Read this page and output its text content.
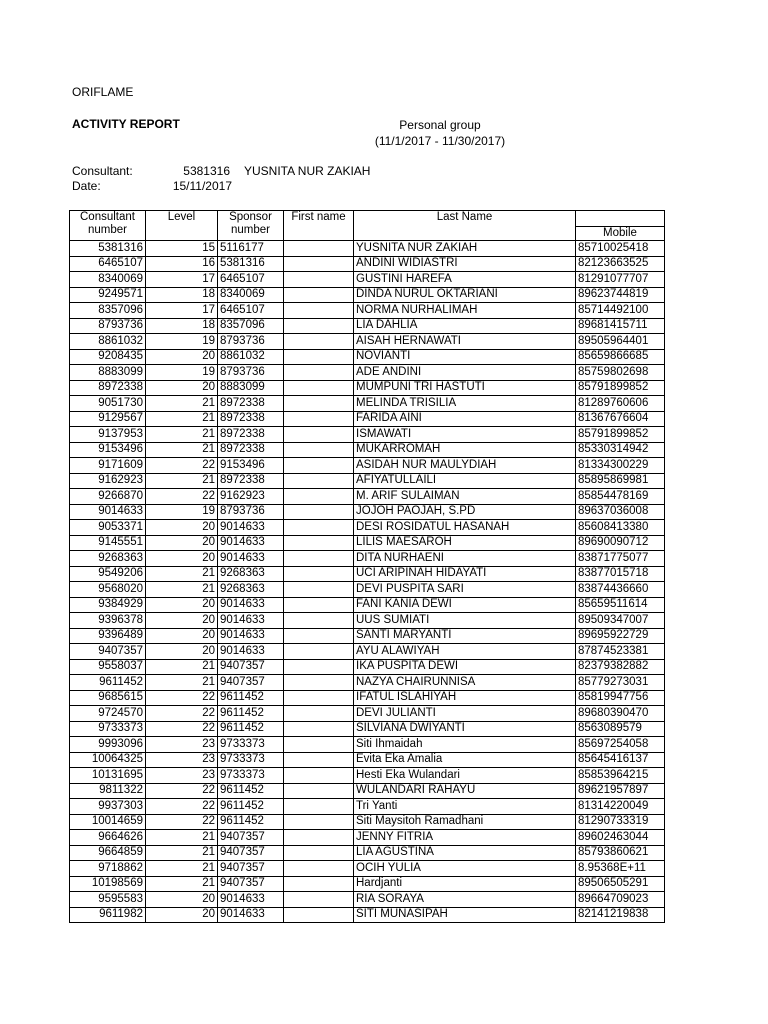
ORIFLAME
ACTIVITY REPORT	Personal group
(11/1/2017 - 11/30/2017)
Consultant:	5381316 YUSNITA NUR ZAKIAH
Date:	15/11/2017
Consultant number	Level	Sponsor number	First name	Last Name	Mobile

5381316	15	5116177		YUSNITA NUR ZAKIAH	85710025418
6465107	16	5381316		ANDINI WIDIASTRI	82123663525
8340069	17	6465107		GUSTINI HAREFA	81291077707
9249571	18	8340069		DINDA NURUL OKTARIANI	89623744819
8357096	17	6465107		NORMA NURHALIMAH	85714492100
8793736	18	8357096		LIA DAHLIA	89681415711
8861032	19	8793736		AISAH HERNAWATI	89505964401
9208435	20	8861032		NOVIANTI	85659866685
8883099	19	8793736		ADE ANDINI	85759802698
8972338	20	8883099		MUMPUNI TRI HASTUTI	85791899852
9051730	21	8972338		MELINDA TRISILIA	81289760606
9129567	21	8972338		FARIDA AINI	81367676604
9137953	21	8972338		ISMAWATI	85791899852
9153496	21	8972338		MUKARROMAH	85330314942
9171609	22	9153496		ASIDAH NUR MAULYDIAH	81334300229
9162923	21	8972338		AFIYATULLAILI	85895869981
9266870	22	9162923		M. ARIF SULAIMAN	85854478169
9014633	19	8793736		JOJOH PAOJAH, S.PD	89637036008
9053371	20	9014633		DESI ROSIDATUL HASANAH	85608413380
9145551	20	9014633		LILIS MAESAROH	89690090712
9268363	20	9014633		DITA NURHAENI	83871775077
9549206	21	9268363		UCI ARIPINAH HIDAYATI	83877015718
9568020	21	9268363		DEVI PUSPITA SARI	83874436660
9384929	20	9014633		FANI KANIA DEWI	85659511614
9396378	20	9014633		UUS SUMIATI	89509347007
9396489	20	9014633		SANTI MARYANTI	89695922729
9407357	20	9014633		AYU ALAWIYAH	87874523381
9558037	21	9407357		IKA PUSPITA DEWI	82379382882
9611452	21	9407357		NAZYA CHAIRUNNISA	85779273031
9685615	22	9611452		IFATUL ISLAHIYAH	85819947756
9724570	22	9611452		DEVI JULIANTI	89680390470
9733373	22	9611452		SILVIANA DWIYANTI	8563089579
9993096	23	9733373		Siti Ihmaidah	85697254058
10064325	23	9733373		Evita Eka Amalia	85645416137
10131695	23	9733373		Hesti Eka Wulandari	85853964215
9811322	22	9611452		WULANDARI RAHAYU	89621957897
9937303	22	9611452		Tri Yanti	81314220049
10014659	22	9611452		Siti Maysitoh Ramadhani	81290733319
9664626	21	9407357		JENNY FITRIA	89602463044
9664859	21	9407357		LIA AGUSTINA	85793860621
9718862	21	9407357		OCIH YULIA	8.95368E+11
10198569	21	9407357		Hardjanti	89506505291
9595583	20	9014633		RIA SORAYA	89664709023
9611982	20	9014633		SITI MUNASIPAH	82141219838
